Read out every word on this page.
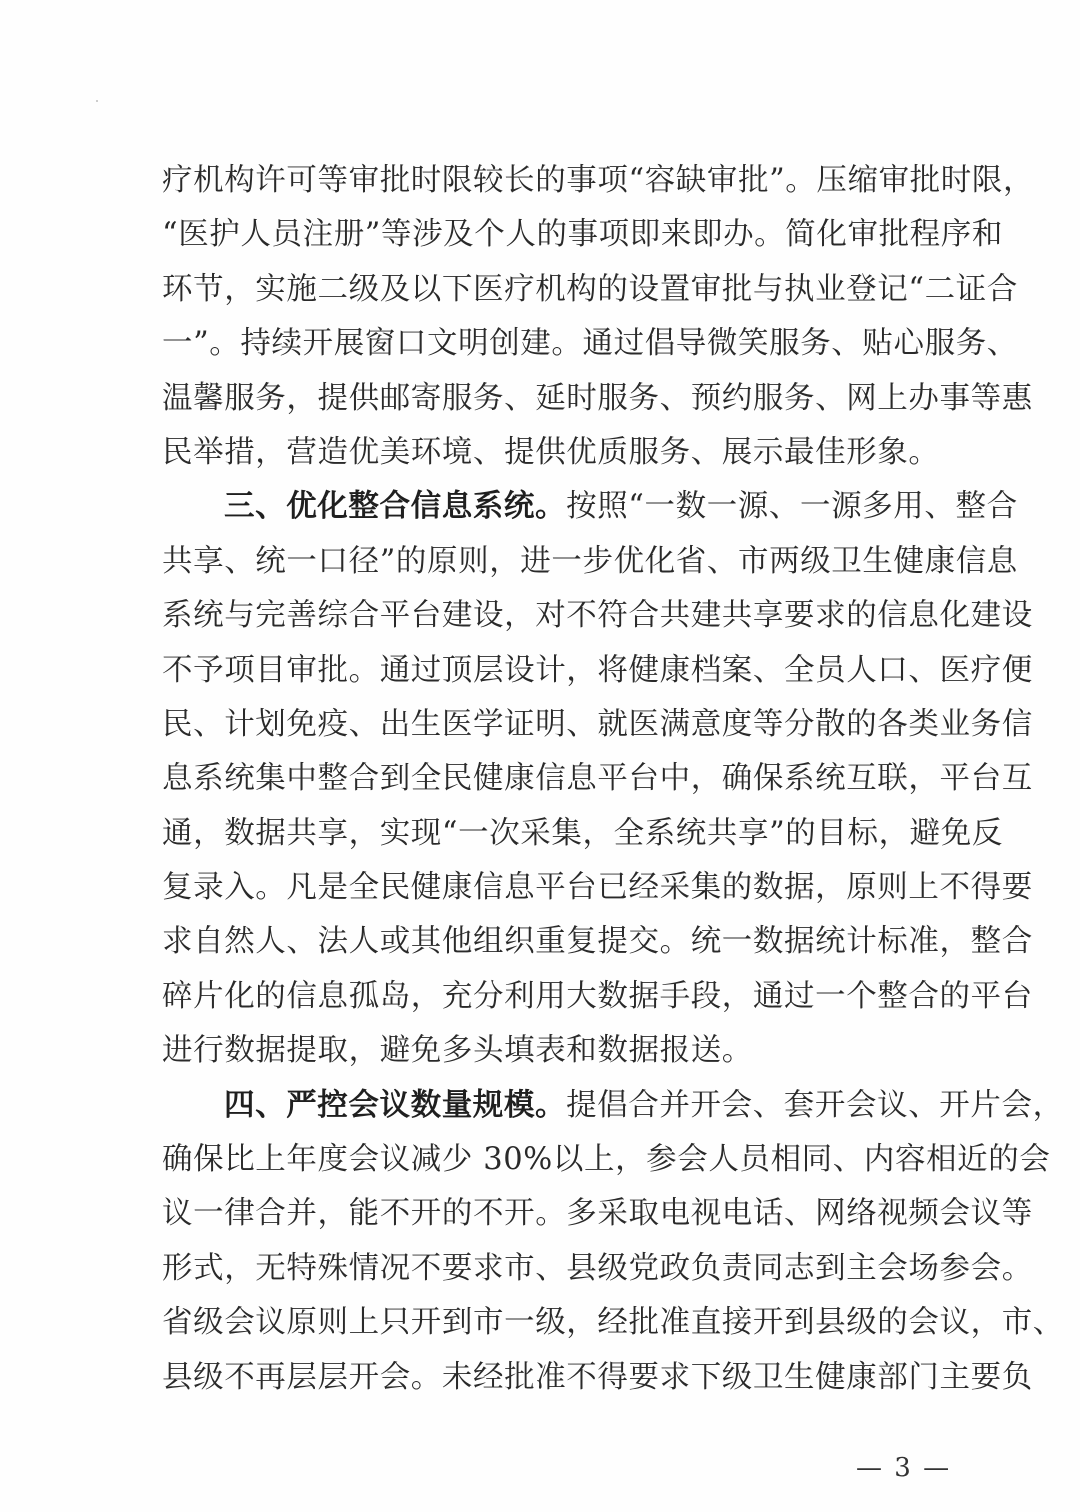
疗机构许可等审批时限较长的事项“容缺审批”。压缩审批时限，
“医护人员注册”等涉及个人的事项即来即办。简化审批程序和
环节，实施二级及以下医疗机构的设置审批与执业登记“二证合
一”。持续开展窗口文明创建。通过倡导微笑服务、贴心服务、
温馨服务，提供邮寄服务、延时服务、预约服务、网上办事等惠
民举措，营造优美环境、提供优质服务、展示最佳形象。
三、优化整合信息系统。按照“一数一源、一源多用、整合
共享、统一口径”的原则，进一步优化省、市两级卫生健康信息
系统与完善综合平台建设，对不符合共建共享要求的信息化建设
不予项目审批。通过顶层设计，将健康档案、全员人口、医疗便
民、计划免疫、出生医学证明、就医满意度等分散的各类业务信
息系统集中整合到全民健康信息平台中，确保系统互联，平台互
通，数据共享，实现“一次采集，全系统共享”的目标，避免反
复录入。凡是全民健康信息平台已经采集的数据，原则上不得要
求自然人、法人或其他组织重复提交。统一数据统计标准，整合
碎片化的信息孤岛，充分利用大数据手段，通过一个整合的平台
进行数据提取，避免多头填表和数据报送。
四、严控会议数量规模。提倡合并开会、套开会议、开片会，
确保比上年度会议减少 30%以上，参会人员相同、内容相近的会
议一律合并，能不开的不开。多采取电视电话、网络视频会议等
形式，无特殊情况不要求市、县级党政负责同志到主会场参会。
省级会议原则上只开到市一级，经批准直接开到县级的会议，市、
县级不再层层开会。未经批准不得要求下级卫生健康部门主要负
— 3 —
